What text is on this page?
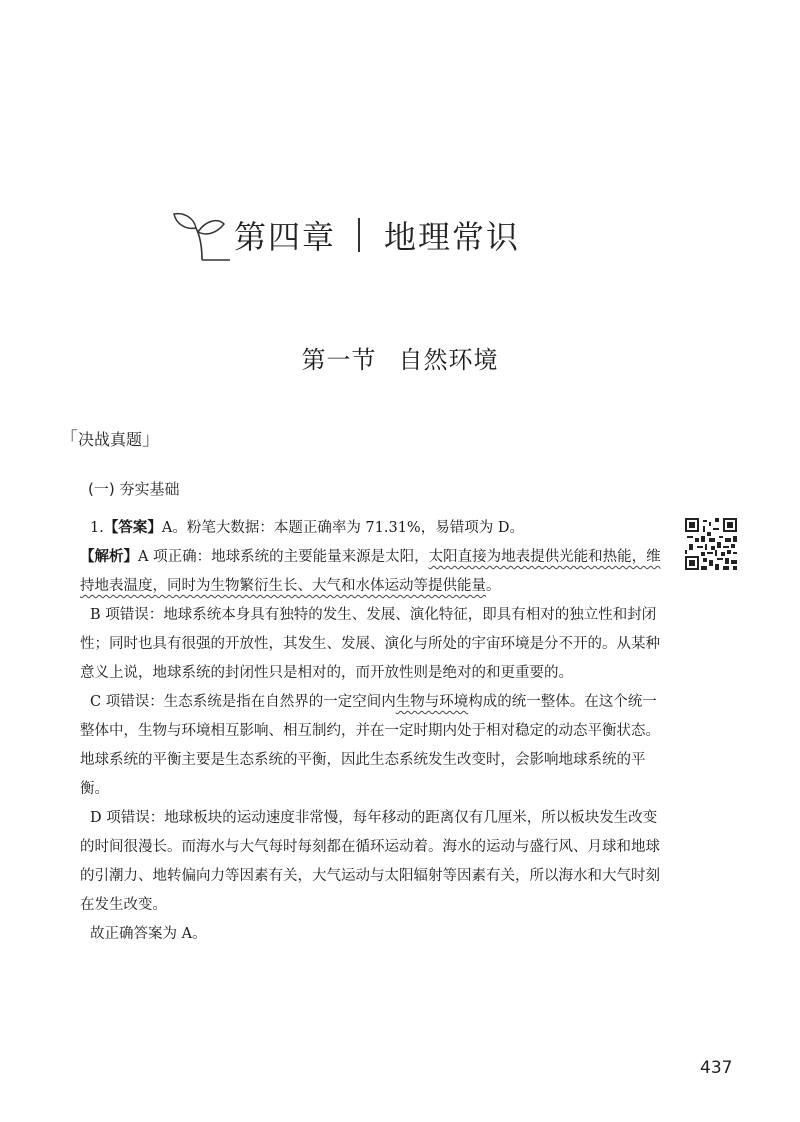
第四章 地理常识
第一节 自然环境
「决战真题」
(一) 夯实基础

1.【答案】A。粉笔大数据：本题正确率为 71.31%，易错项为 D。

【解析】A 项正确：地球系统的主要能量来源是太阳，太阳直接为地表提供光能和热能，维持地表温度，同时为生物繁衍生长、大气和水体运动等提供能量。

B 项错误：地球系统本身具有独特的发生、发展、演化特征，即具有相对的独立性和封闭性；同时也具有很强的开放性，其发生、发展、演化与所处的宇宙环境是分不开的。从某种意义上说，地球系统的封闭性只是相对的，而开放性则是绝对的和更重要的。

C 项错误：生态系统是指在自然界的一定空间内生物与环境构成的统一整体。在这个统一整体中，生物与环境相互影响、相互制约，并在一定时期内处于相对稳定的动态平衡状态。地球系统的平衡主要是生态系统的平衡，因此生态系统发生改变时，会影响地球系统的平衡。

D 项错误：地球板块的运动速度非常慢，每年移动的距离仅有几厘米，所以板块发生改变的时间很漫长。而海水与大气每时每刻都在循环运动着。海水的运动与盛行风、月球和地球的引潮力、地转偏向力等因素有关，大气运动与太阳辐射等因素有关，所以海水和大气时刻在发生改变。

故正确答案为 A。

437
